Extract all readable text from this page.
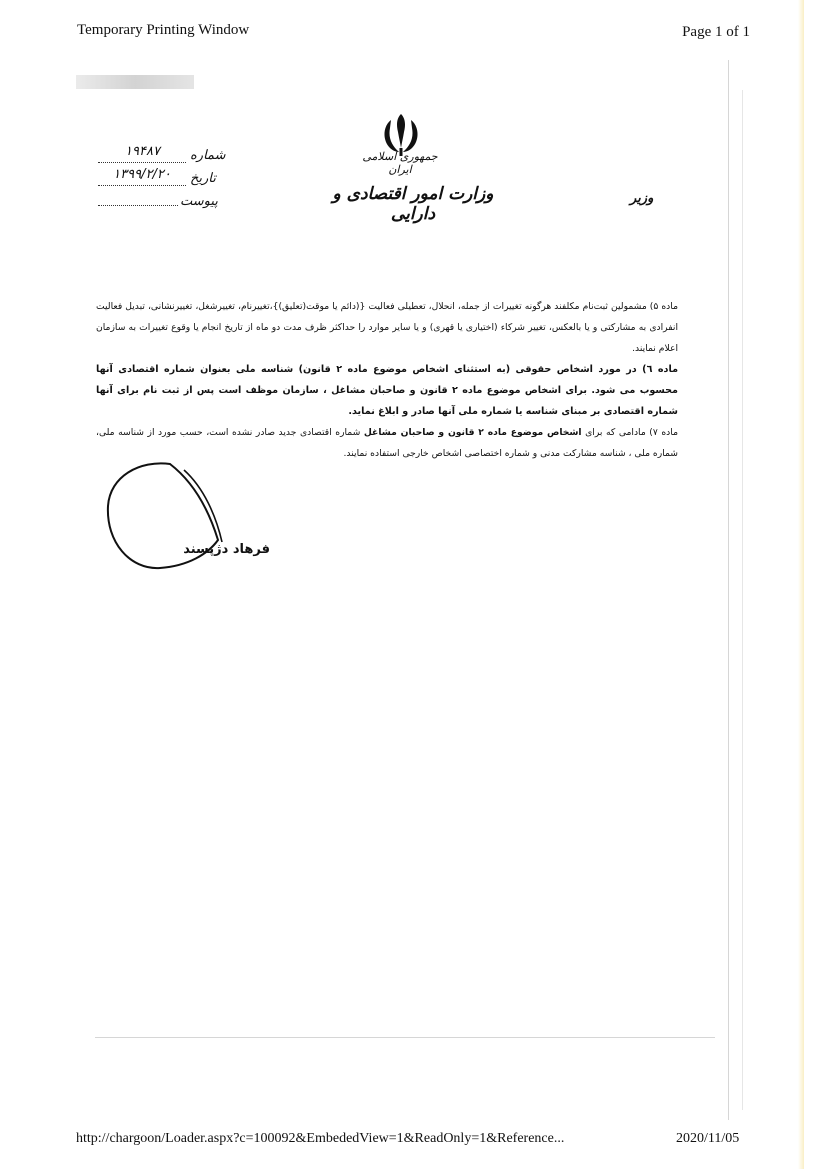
Temporary Printing Window	Page 1 of 1
http://chargoon/Loader.aspx?c=100092&EmbededView=1&ReadOnly=1&Reference...	2020/11/05
جمهوری اسلامی ایران
وزارت امور اقتصادی و دارایی
وزیر
شماره
۱۹۴۸۷
تاریخ
۱۳۹۹/۲/۲۰
پیوست

ماده ۵) مشمولین ثبت‌نام مکلفند هرگونه تغییرات از جمله، انحلال، تعطیلی فعالیت {(دائم یا موقت(تعلیق)}،تغییرنام، تغییرشغل، تغییرنشانی، تبدیل فعالیت انفرادی به مشارکتی و یا بالعکس، تغییر شرکاء (اختیاری یا قهری) و یا سایر موارد را حداکثر ظرف مدت دو ماه از تاریخ انجام یا وقوع تغییرات به سازمان اعلام نمایند.

ماده ٦) در مورد اشخاص حقوقی (به استثنای اشخاص موضوع ماده ۲ قانون) شناسه ملی بعنوان شماره اقتصادی آنها محسوب می شود. برای اشخاص موضوع ماده ۲ قانون و صاحبان مشاغل ، سازمان موظف است پس از ثبت نام برای آنها شماره اقتصادی بر مبنای شناسه یا شماره ملی آنها صادر و ابلاغ نماید.

ماده ۷) مادامی که برای اشخاص موضوع ماده ۲ قانون و صاحبان مشاغل شماره اقتصادی جدید صادر نشده است، حسب مورد از شناسه ملی، شماره ملی ، شناسه مشارکت مدنی و شماره اختصاصی اشخاص خارجی استفاده نمایند.

فرهاد دژپسند
